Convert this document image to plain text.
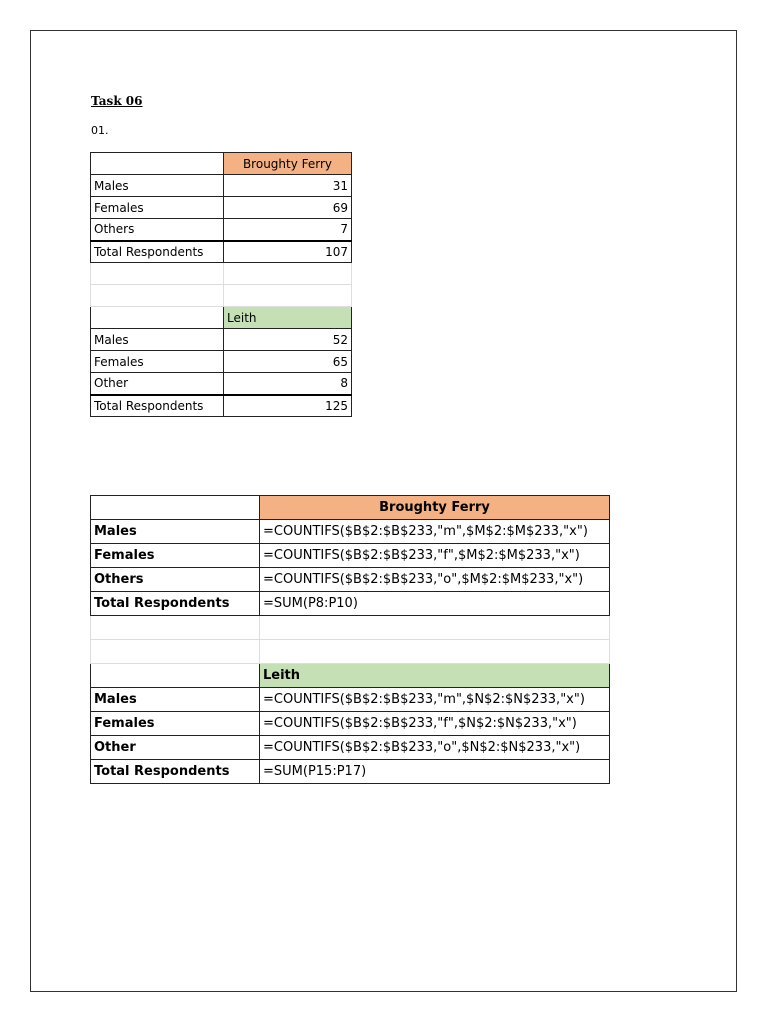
Task 06
01.
	Broughty Ferry
Males	31
Females	69
Others	7
Total Respondents	107

	Leith
Males	52
Females	65
Other	8
Total Respondents	125
	Broughty Ferry
Males	=COUNTIFS($B$2:$B$233,"m",$M$2:$M$233,"x")
Females	=COUNTIFS($B$2:$B$233,"f",$M$2:$M$233,"x")
Others	=COUNTIFS($B$2:$B$233,"o",$M$2:$M$233,"x")
Total Respondents	=SUM(P8:P10)

	Leith
Males	=COUNTIFS($B$2:$B$233,"m",$N$2:$N$233,"x")
Females	=COUNTIFS($B$2:$B$233,"f",$N$2:$N$233,"x")
Other	=COUNTIFS($B$2:$B$233,"o",$N$2:$N$233,"x")
Total Respondents	=SUM(P15:P17)
